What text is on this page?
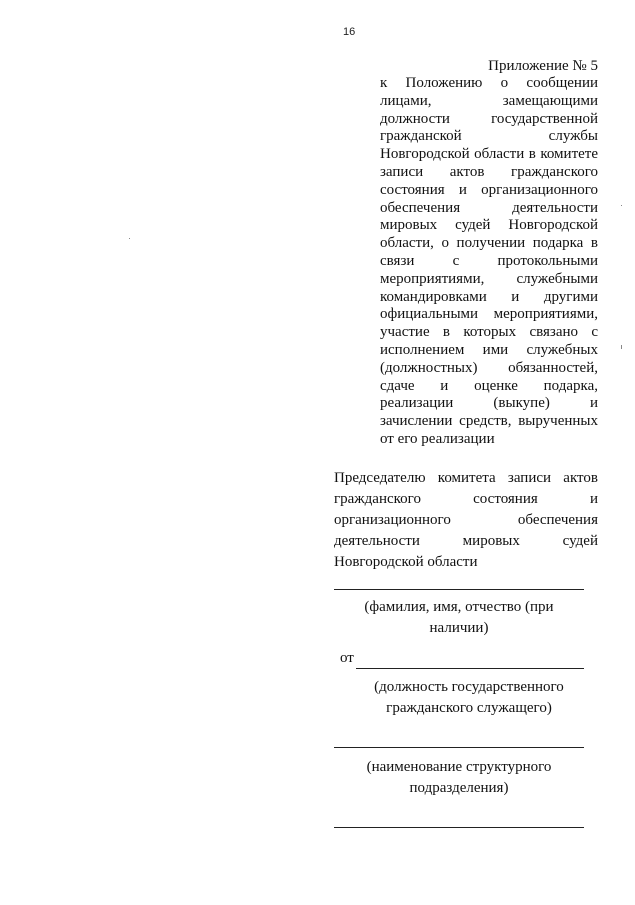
16
Приложение № 5
к Положению о сообщении
лицами, замещающими
должности государственной
гражданской службы
Новгородской области в комитете
записи актов гражданского
состояния и организационного
обеспечения деятельности
мировых судей Новгородской
области, о получении подарка в
связи с протокольными
мероприятиями, служебными
командировками и другими
официальными мероприятиями,
участие в которых связано с
исполнением ими служебных
(должностных) обязанностей,
сдаче и оценке подарка,
реализации (выкупе) и
зачислении средств, вырученных
от его реализации
Председателю комитета записи актов
гражданского состояния и
организационного обеспечения
деятельности мировых судей
Новгородской области
(фамилия, имя, отчество (при
наличии)
от
(должность государственного
гражданского служащего)
(наименование структурного
подразделения)
